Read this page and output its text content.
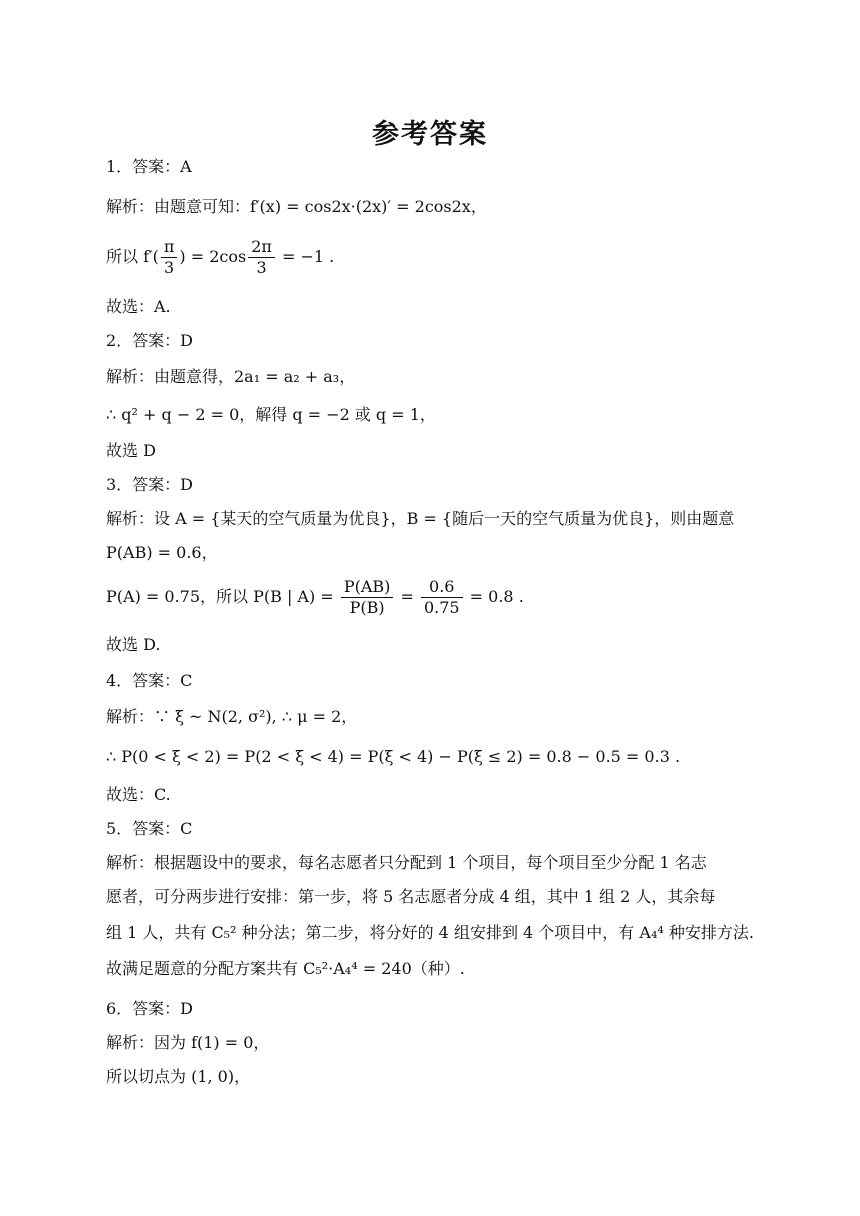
参考答案
1．答案：A
解析：由题意可知：f′(x) = cos2x·(2x)′ = 2cos2x，
所以 $f'( \frac{\pi}{3}$ ) = $2\cos \frac{2\pi}{3} = -1$ .
故选：A.
2．答案：D
解析：由题意得，2a₁ = a₂ + a₃，
∴ q² + q − 2 = 0，解得 q = −2 或 q = 1，
故选 D
3．答案：D
解析：设 A = {某天的空气质量为优良}，B = {随后一天的空气质量为优良}，则由题意
P(AB) = 0.6，
P(A) = 0.75，所以 P(B | $A) = \frac{P(AB)}{P(B)} = \frac{0.6}{0.75} = 0.8$ .
故选 D.
4．答案：C
解析：∵ ξ ~ N(2, σ²), ∴ μ = 2，
∴ P(0 < ξ < 2) = P(2 < ξ < 4) = P(ξ < 4) − P(ξ ≤ 2) = 0.8 − 0.5 = 0.3 .
故选：C.
5．答案：C
解析：根据题设中的要求，每名志愿者只分配到 1 个项目，每个项目至少分配 1 名志
愿者，可分两步进行安排：第一步，将 5 名志愿者分成 4 组，其中 1 组 2 人，其余每
组 1 人，共有 C₅² 种分法；第二步，将分好的 4 组安排到 4 个项目中，有 A₄⁴ 种安排方法.
故满足题意的分配方案共有 C₅²·A₄⁴ = 240（种）.
6．答案：D
解析：因为 f(1) = 0，
所以切点为 (1, 0)，
